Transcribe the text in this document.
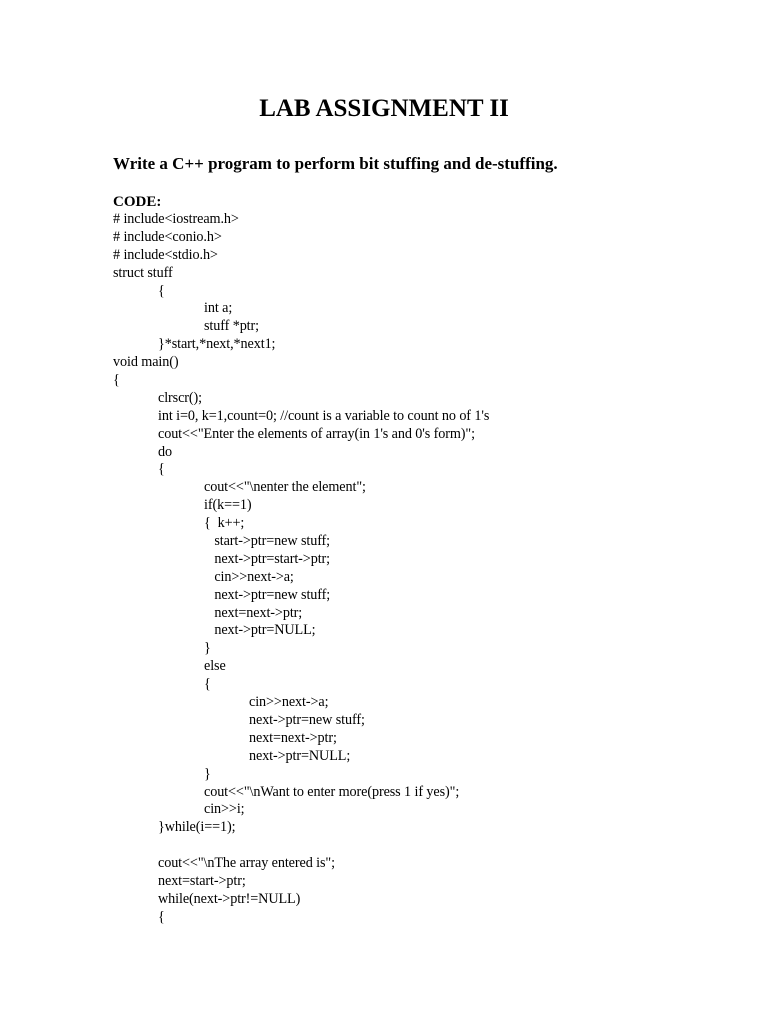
LAB ASSIGNMENT II
Write a C++ program to perform bit stuffing and de-stuffing.
CODE:
# include<iostream.h>
# include<conio.h>
# include<stdio.h>
struct stuff
{
int a;
stuff *ptr;
}*start,*next,*next1;
void main()
{
clrscr();
int i=0, k=1,count=0; //count is a variable to count no of 1's
cout<<"Enter the elements of array(in 1's and 0's form)";
do
{
cout<<"\nenter the element";
if(k==1)
{  k++;
start->ptr=new stuff;
next->ptr=start->ptr;
cin>>next->a;
next->ptr=new stuff;
next=next->ptr;
next->ptr=NULL;
}
else
{
cin>>next->a;
next->ptr=new stuff;
next=next->ptr;
next->ptr=NULL;
}
cout<<"\nWant to enter more(press 1 if yes)";
cin>>i;
}while(i==1);
cout<<"\nThe array entered is";
next=start->ptr;
while(next->ptr!=NULL)
{
